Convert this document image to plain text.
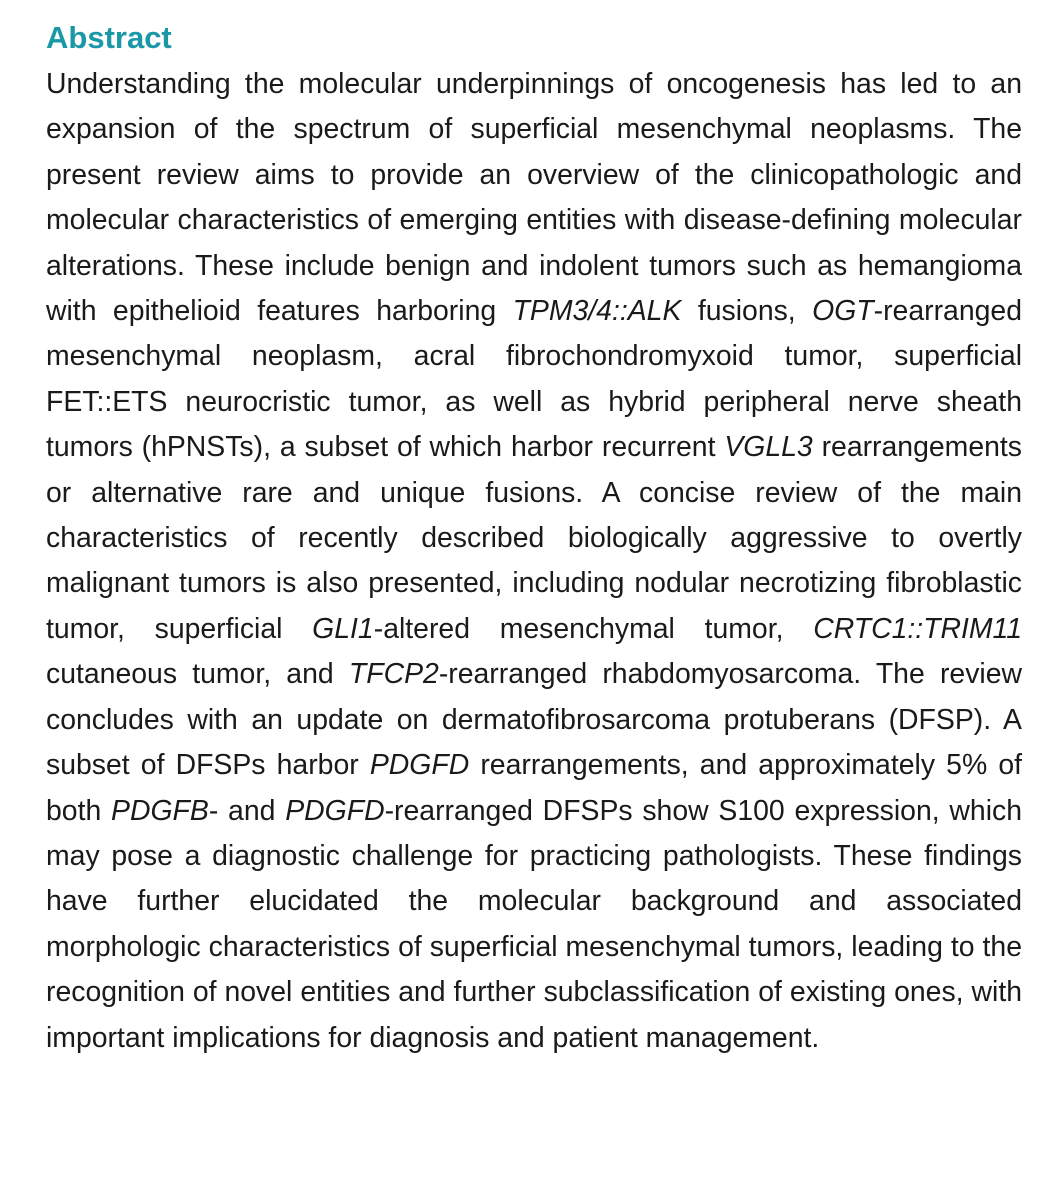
Abstract

Understanding the molecular underpinnings of oncogenesis has led to an expansion of the spectrum of superficial mesenchymal neoplasms. The present review aims to provide an overview of the clinicopathologic and molecular characteristics of emerging entities with disease-defining molecular alterations. These include benign and indolent tumors such as hemangioma with epithelioid features harboring TPM3/4::ALK fusions, OGT-rearranged mesenchymal neoplasm, acral fibrochondromyxoid tumor, superficial FET::ETS neurocristic tumor, as well as hybrid peripheral nerve sheath tumors (hPNSTs), a subset of which harbor recurrent VGLL3 rearrangements or alternative rare and unique fusions. A concise review of the main characteristics of recently described biologically aggressive to overtly malignant tumors is also presented, including nodular necrotizing fibroblastic tumor, superficial GLI1-altered mesenchymal tumor, CRTC1::TRIM11 cutaneous tumor, and TFCP2-rearranged rhabdomyosarcoma. The review concludes with an update on dermatofibrosarcoma protuberans (DFSP). A subset of DFSPs harbor PDGFD rearrangements, and approximately 5% of both PDGFB- and PDGFD-rearranged DFSPs show S100 expression, which may pose a diagnostic challenge for practicing pathologists. These findings have further elucidated the molecular background and associated morphologic characteristics of superficial mesenchymal tumors, leading to the recognition of novel entities and further subclassification of existing ones, with important implications for diagnosis and patient management.
